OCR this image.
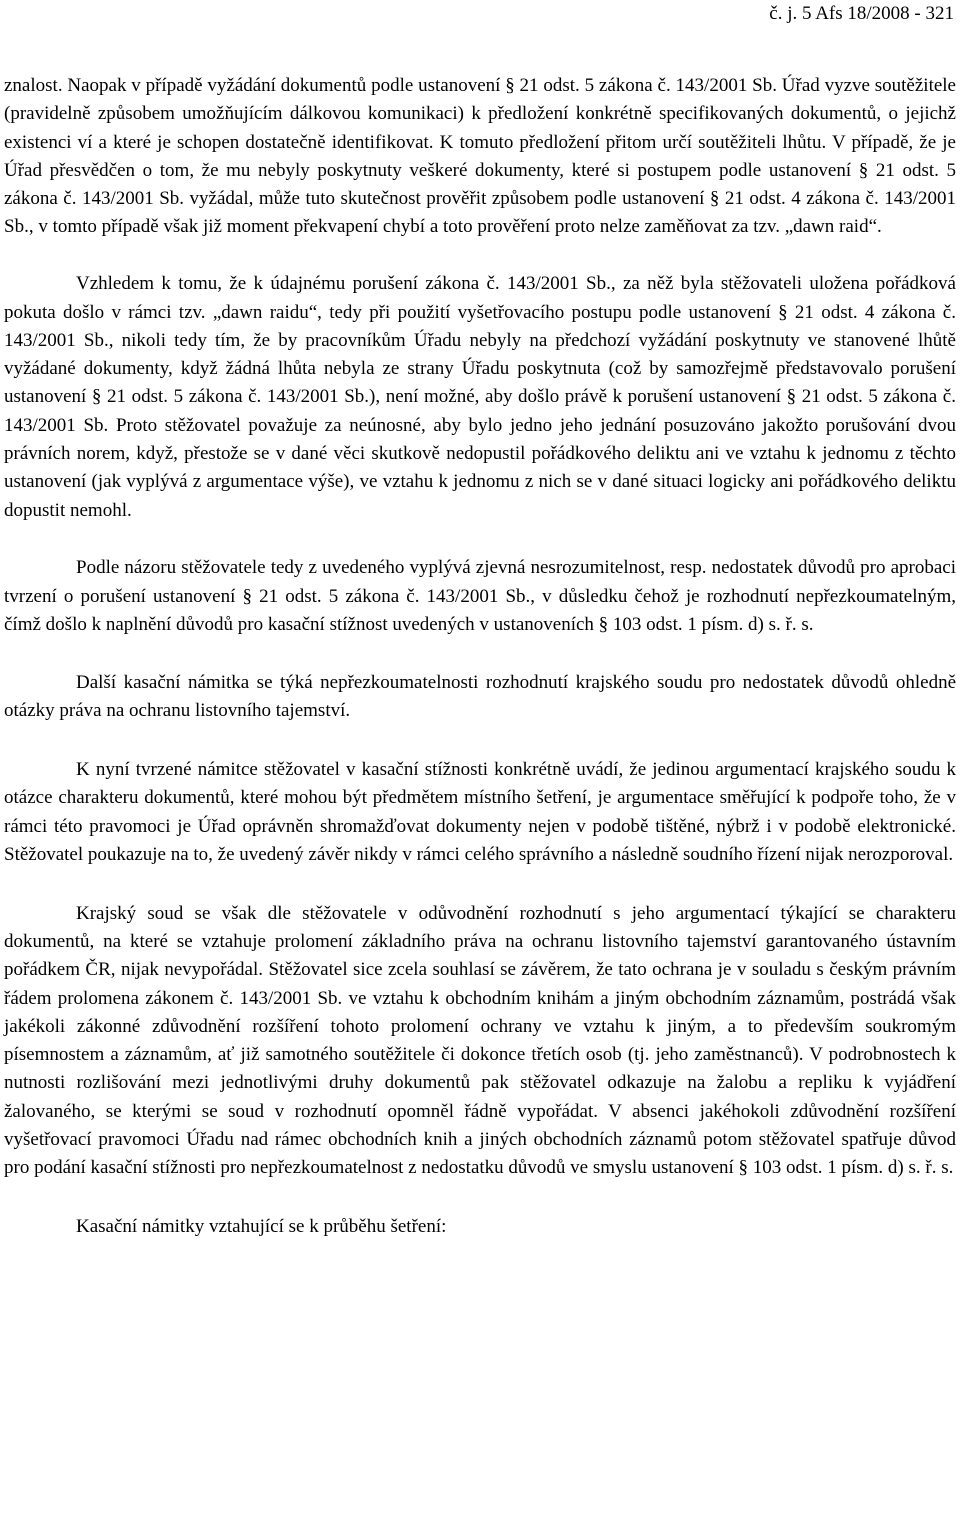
č. j. 5 Afs 18/2008 - 321

znalost. Naopak v případě vyžádání dokumentů podle ustanovení § 21 odst. 5 zákona č. 143/2001 Sb. Úřad vyzve soutěžitele (pravidelně způsobem umožňujícím dálkovou komunikaci) k předložení konkrétně specifikovaných dokumentů, o jejichž existenci ví a které je schopen dostatečně identifikovat. K tomuto předložení přitom určí soutěžiteli lhůtu. V případě, že je Úřad přesvědčen o tom, že mu nebyly poskytnuty veškeré dokumenty, které si postupem podle ustanovení § 21 odst. 5 zákona č. 143/2001 Sb. vyžádal, může tuto skutečnost prověřit způsobem podle ustanovení § 21 odst. 4 zákona č. 143/2001 Sb., v tomto případě však již moment překvapení chybí a toto prověření proto nelze zaměňovat za tzv. „dawn raid“.

Vzhledem k tomu, že k údajnému porušení zákona č. 143/2001 Sb., za něž byla stěžovateli uložena pořádková pokuta došlo v rámci tzv. „dawn raidu“, tedy při použití vyšetřovacího postupu podle ustanovení § 21 odst. 4 zákona č. 143/2001 Sb., nikoli tedy tím, že by pracovníkům Úřadu nebyly na předchozí vyžádání poskytnuty ve stanovené lhůtě vyžádané dokumenty, když žádná lhůta nebyla ze strany Úřadu poskytnuta (což by samozřejmě představovalo porušení ustanovení § 21 odst. 5 zákona č. 143/2001 Sb.), není možné, aby došlo právě k porušení ustanovení § 21 odst. 5 zákona č. 143/2001 Sb. Proto stěžovatel považuje za neúnosné, aby bylo jedno jeho jednání posuzováno jakožto porušování dvou právních norem, když, přestože se v dané věci skutkově nedopustil pořádkového deliktu ani ve vztahu k jednomu z těchto ustanovení (jak vyplývá z argumentace výše), ve vztahu k jednomu z nich se v dané situaci logicky ani pořádkového deliktu dopustit nemohl.

Podle názoru stěžovatele tedy z uvedeného vyplývá zjevná nesrozumitelnost, resp. nedostatek důvodů pro aprobaci tvrzení o porušení ustanovení § 21 odst. 5 zákona č. 143/2001 Sb., v důsledku čehož je rozhodnutí nepřezkoumatelným, čímž došlo k naplnění důvodů pro kasační stížnost uvedených v ustanoveních § 103 odst. 1 písm. d) s. ř. s.

Další kasační námitka se týká nepřezkoumatelnosti rozhodnutí krajského soudu pro nedostatek důvodů ohledně otázky práva na ochranu listovního tajemství.

K nyní tvrzené námitce stěžovatel v kasační stížnosti konkrétně uvádí, že jedinou argumentací krajského soudu k otázce charakteru dokumentů, které mohou být předmětem místního šetření, je argumentace směřující k podpoře toho, že v rámci této pravomoci je Úřad oprávněn shromažďovat dokumenty nejen v podobě tištěné, nýbrž i v podobě elektronické. Stěžovatel poukazuje na to, že uvedený závěr nikdy v rámci celého správního a následně soudního řízení nijak nerozporoval.

Krajský soud se však dle stěžovatele v odůvodnění rozhodnutí s jeho argumentací týkající se charakteru dokumentů, na které se vztahuje prolomení základního práva na ochranu listovního tajemství garantovaného ústavním pořádkem ČR, nijak nevypořádal. Stěžovatel sice zcela souhlasí se závěrem, že tato ochrana je v souladu s českým právním řádem prolomena zákonem č. 143/2001 Sb. ve vztahu k obchodním knihám a jiným obchodním záznamům, postrádá však jakékoli zákonné zdůvodnění rozšíření tohoto prolomení ochrany ve vztahu k jiným, a to především soukromým písemnostem a záznamům, ať již samotného soutěžitele či dokonce třetích osob (tj. jeho zaměstnanců). V podrobnostech k nutnosti rozlišování mezi jednotlivými druhy dokumentů pak stěžovatel odkazuje na žalobu a repliku k vyjádření žalovaného, se kterými se soud v rozhodnutí opomněl řádně vypořádat. V absenci jakéhokoli zdůvodnění rozšíření vyšetřovací pravomoci Úřadu nad rámec obchodních knih a jiných obchodních záznamů potom stěžovatel spatřuje důvod pro podání kasační stížnosti pro nepřezkoumatelnost z nedostatku důvodů ve smyslu ustanovení § 103 odst. 1 písm. d) s. ř. s.

Kasační námitky vztahující se k průběhu šetření:
